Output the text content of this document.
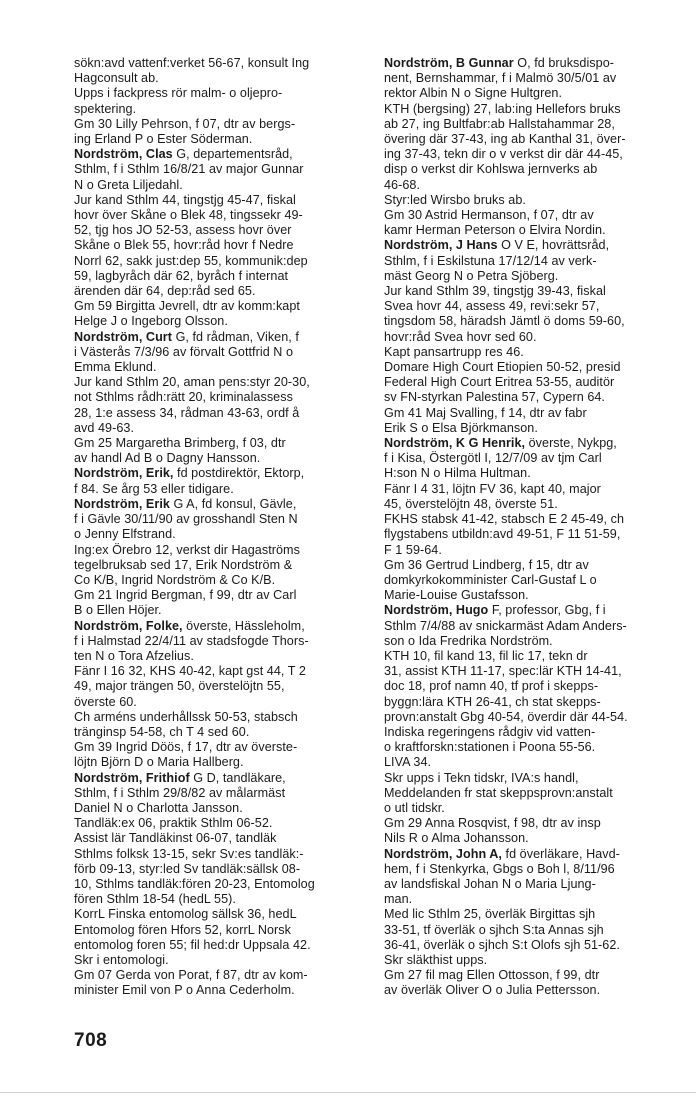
sökn:avd vattenf:verket 56-67, konsult Ing
Hagconsult ab.
Upps i fackpress rör malm- o oljepro-
spektering.
Gm 30 Lilly Pehrson, f 07, dtr av bergs-
ing Erland P o Ester Söderman.
Nordström, Clas G, departementsråd,
Sthlm, f i Sthlm 16/8/21 av major Gunnar
N o Greta Liljedahl.
Jur kand Sthlm 44, tingstjg 45-47, fiskal
hovr över Skåne o Blek 48, tingssekr 49-
52, tjg hos JO 52-53, assess hovr över
Skåne o Blek 55, hovr:råd hovr f Nedre
Norrl 62, sakk just:dep 55, kommunik:dep
59, lagbyråch där 62, byråch f internat
ärenden där 64, dep:råd sed 65.
Gm 59 Birgitta Jevrell, dtr av komm:kapt
Helge J o Ingeborg Olsson.
Nordström, Curt G, fd rådman, Viken, f
i Västerås 7/3/96 av förvalt Gottfrid N o
Emma Eklund.
Jur kand Sthlm 20, aman pens:styr 20-30,
not Sthlms rådh:rätt 20, kriminalassess
28, 1:e assess 34, rådman 43-63, ordf å
avd 49-63.
Gm 25 Margaretha Brimberg, f 03, dtr
av handl Ad B o Dagny Hansson.
Nordström, Erik, fd postdirektör, Ektorp,
f 84. Se årg 53 eller tidigare.
Nordström, Erik G A, fd konsul, Gävle,
f i Gävle 30/11/90 av grosshandl Sten N
o Jenny Elfstrand.
Ing:ex Örebro 12, verkst dir Hagaströms
tegelbruksab sed 17, Erik Nordström &
Co K/B, Ingrid Nordström & Co K/B.
Gm 21 Ingrid Bergman, f 99, dtr av Carl
B o Ellen Höjer.
Nordström, Folke, överste, Hässleholm,
f i Halmstad 22/4/11 av stadsfogde Thors-
ten N o Tora Afzelius.
Fänr I 16 32, KHS 40-42, kapt gst 44, T 2
49, major trängen 50, överstelöjtn 55,
överste 60.
Ch arméns underhållssk 50-53, stabsch
tränginsp 54-58, ch T 4 sed 60.
Gm 39 Ingrid Döös, f 17, dtr av överste-
löjtn Björn D o Maria Hallberg.
Nordström, Frithiof G D, tandläkare,
Sthlm, f i Sthlm 29/8/82 av målarmäst
Daniel N o Charlotta Jansson.
Tandläk:ex 06, praktik Sthlm 06-52.
Assist lär Tandläkinst 06-07, tandläk
Sthlms folksk 13-15, sekr Sv:es tandläk:-
förb 09-13, styr:led Sv tandläk:sällsk 08-
10, Sthlms tandläk:fören 20-23, Entomolog
fören Sthlm 18-54 (hedL 55).
KorrL Finska entomolog sällsk 36, hedL
Entomolog fören Hfors 52, korrL Norsk
entomolog foren 55; fil hed:dr Uppsala 42.
Skr i entomologi.
Gm 07 Gerda von Porat, f 87, dtr av kom-
minister Emil von P o Anna Cederholm.
Nordström, B Gunnar O, fd bruksdispo-
nent, Bernshammar, f i Malmö 30/5/01 av
rektor Albin N o Signe Hultgren.
KTH (bergsing) 27, lab:ing Hellefors bruks
ab 27, ing Bultfabr:ab Hallstahammar 28,
övering där 37-43, ing ab Kanthal 31, över-
ing 37-43, tekn dir o v verkst dir där 44-45,
disp o verkst dir Kohlswa jernverks ab
46-68.
Styr:led Wirsbo bruks ab.
Gm 30 Astrid Hermanson, f 07, dtr av
kamr Herman Peterson o Elvira Nordin.
Nordström, J Hans O V E, hovrättsråd,
Sthlm, f i Eskilstuna 17/12/14 av verk-
mäst Georg N o Petra Sjöberg.
Jur kand Sthlm 39, tingstjg 39-43, fiskal
Svea hovr 44, assess 49, revi:sekr 57,
tingsdom 58, häradsh Jämtl ö doms 59-60,
hovr:råd Svea hovr sed 60.
Kapt pansartrupp res 46.
Domare High Court Etiopien 50-52, presid
Federal High Court Eritrea 53-55, auditör
sv FN-styrkan Palestina 57, Cypern 64.
Gm 41 Maj Svalling, f 14, dtr av fabr
Erik S o Elsa Björkmanson.
Nordström, K G Henrik, överste, Nykpg,
f i Kisa, Östergötl I, 12/7/09 av tjm Carl
H:son N o Hilma Hultman.
Fänr I 4 31, löjtn FV 36, kapt 40, major
45, överstelöjtn 48, överste 51.
FKHS stabsk 41-42, stabsch E 2 45-49, ch
flygstabens utbildn:avd 49-51, F 11 51-59,
F 1 59-64.
Gm 36 Gertrud Lindberg, f 15, dtr av
domkyrkokomminister Carl-Gustaf L o
Marie-Louise Gustafsson.
Nordström, Hugo F, professor, Gbg, f i
Sthlm 7/4/88 av snickarmäst Adam Anders-
son o Ida Fredrika Nordström.
KTH 10, fil kand 13, fil lic 17, tekn dr
31, assist KTH 11-17, spec:lär KTH 14-41,
doc 18, prof namn 40, tf prof i skepps-
byggn:lära KTH 26-41, ch stat skepps-
provn:anstalt Gbg 40-54, överdir där 44-54.
Indiska regeringens rådgiv vid vatten-
o kraftforskn:stationen i Poona 55-56.
LIVA 34.
Skr upps i Tekn tidskr, IVA:s handl,
Meddelanden fr stat skeppsprovn:anstalt
o utl tidskr.
Gm 29 Anna Rosqvist, f 98, dtr av insp
Nils R o Alma Johansson.
Nordström, John A, fd överläkare, Havd-
hem, f i Stenkyrka, Gbgs o Boh l, 8/11/96
av landsfiskal Johan N o Maria Ljung-
man.
Med lic Sthlm 25, överläk Birgittas sjh
33-51, tf överläk o sjhch S:ta Annas sjh
36-41, överläk o sjhch S:t Olofs sjh 51-62.
Skr släkthist upps.
Gm 27 fil mag Ellen Ottosson, f 99, dtr
av överläk Oliver O o Julia Pettersson.
708
